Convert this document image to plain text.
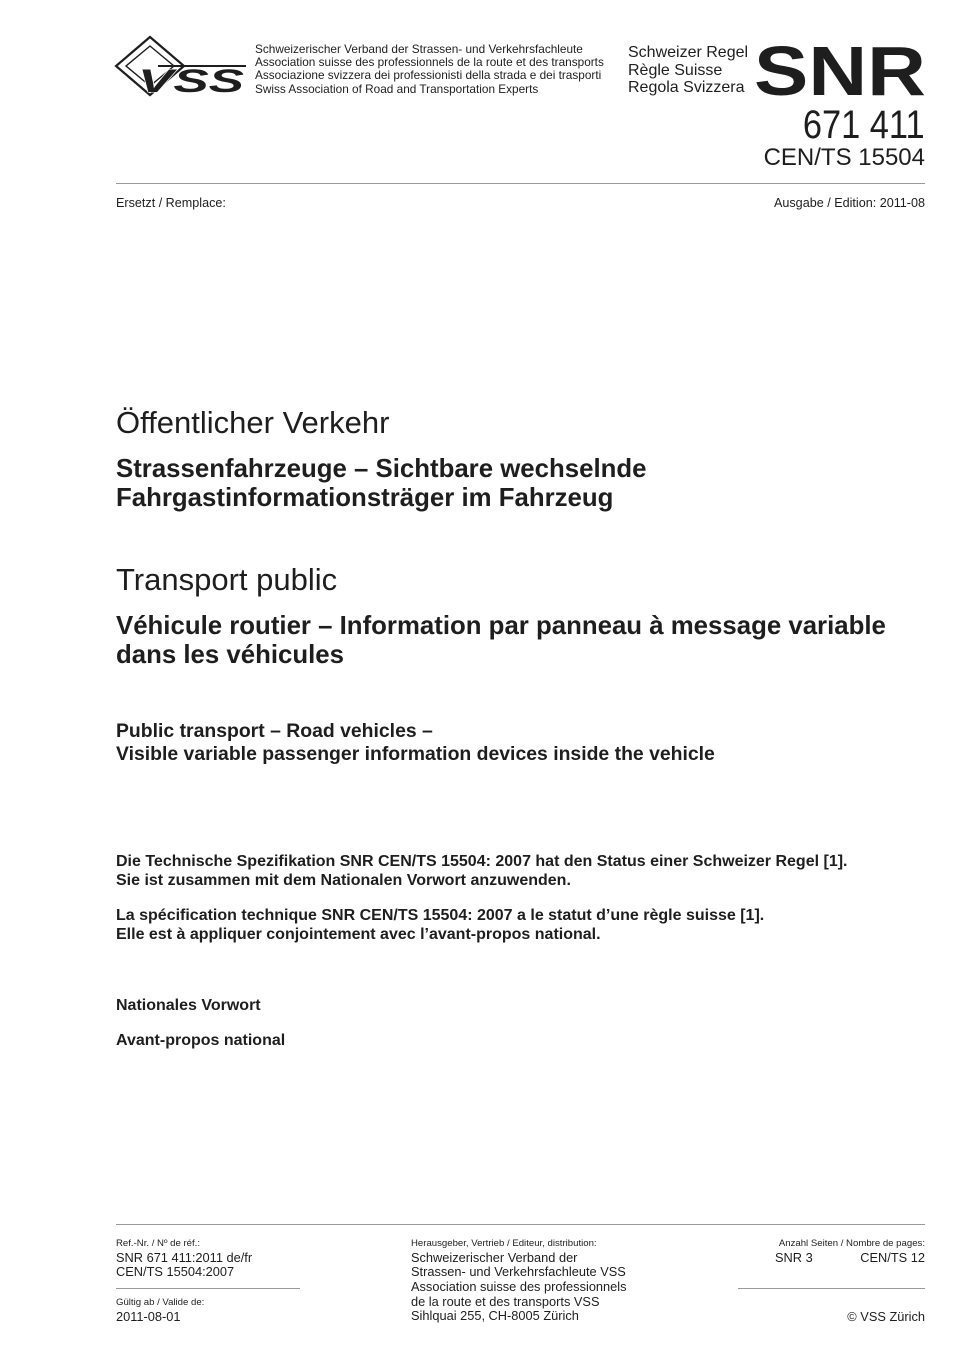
VSS
Schweizerischer Verband der Strassen- und Verkehrsfachleute
Association suisse des professionnels de la route et des transports
Associazione svizzera dei professionisti della strada e dei trasporti
Swiss Association of Road and Transportation Experts
Schweizer Regel
Règle Suisse
Regola Svizzera SNR
671 411
CEN/TS 15504
Ersetzt / Remplace:	Ausgabe / Edition: 2011-08
Öffentlicher Verkehr
Strassenfahrzeuge – Sichtbare wechselnde
Fahrgastinformationsträger im Fahrzeug
Transport public
Véhicule routier – Information par panneau à message variable
dans les véhicules
Public transport – Road vehicles –
Visible variable passenger information devices inside the vehicle
Die Technische Spezifikation SNR CEN/TS 15504: 2007 hat den Status einer Schweizer Regel [1].
Sie ist zusammen mit dem Nationalen Vorwort anzuwenden.
La spécification technique SNR CEN/TS 15504: 2007 a le statut d’une règle suisse [1].
Elle est à appliquer conjointement avec l’avant-propos national.
Nationales Vorwort
Avant-propos national
Ref.-Nr. / Nº de réf.:
SNR 671 411:2011 de/fr
CEN/TS 15504:2007
Gültig ab / Valide de:
2011-08-01
Herausgeber, Vertrieb / Editeur, distribution:
Schweizerischer Verband der
Strassen- und Verkehrsfachleute VSS
Association suisse des professionnels
de la route et des transports VSS
Sihlquai 255, CH-8005 Zürich
Anzahl Seiten / Nombre de pages:
SNR 3	CEN/TS 12
© VSS Zürich
